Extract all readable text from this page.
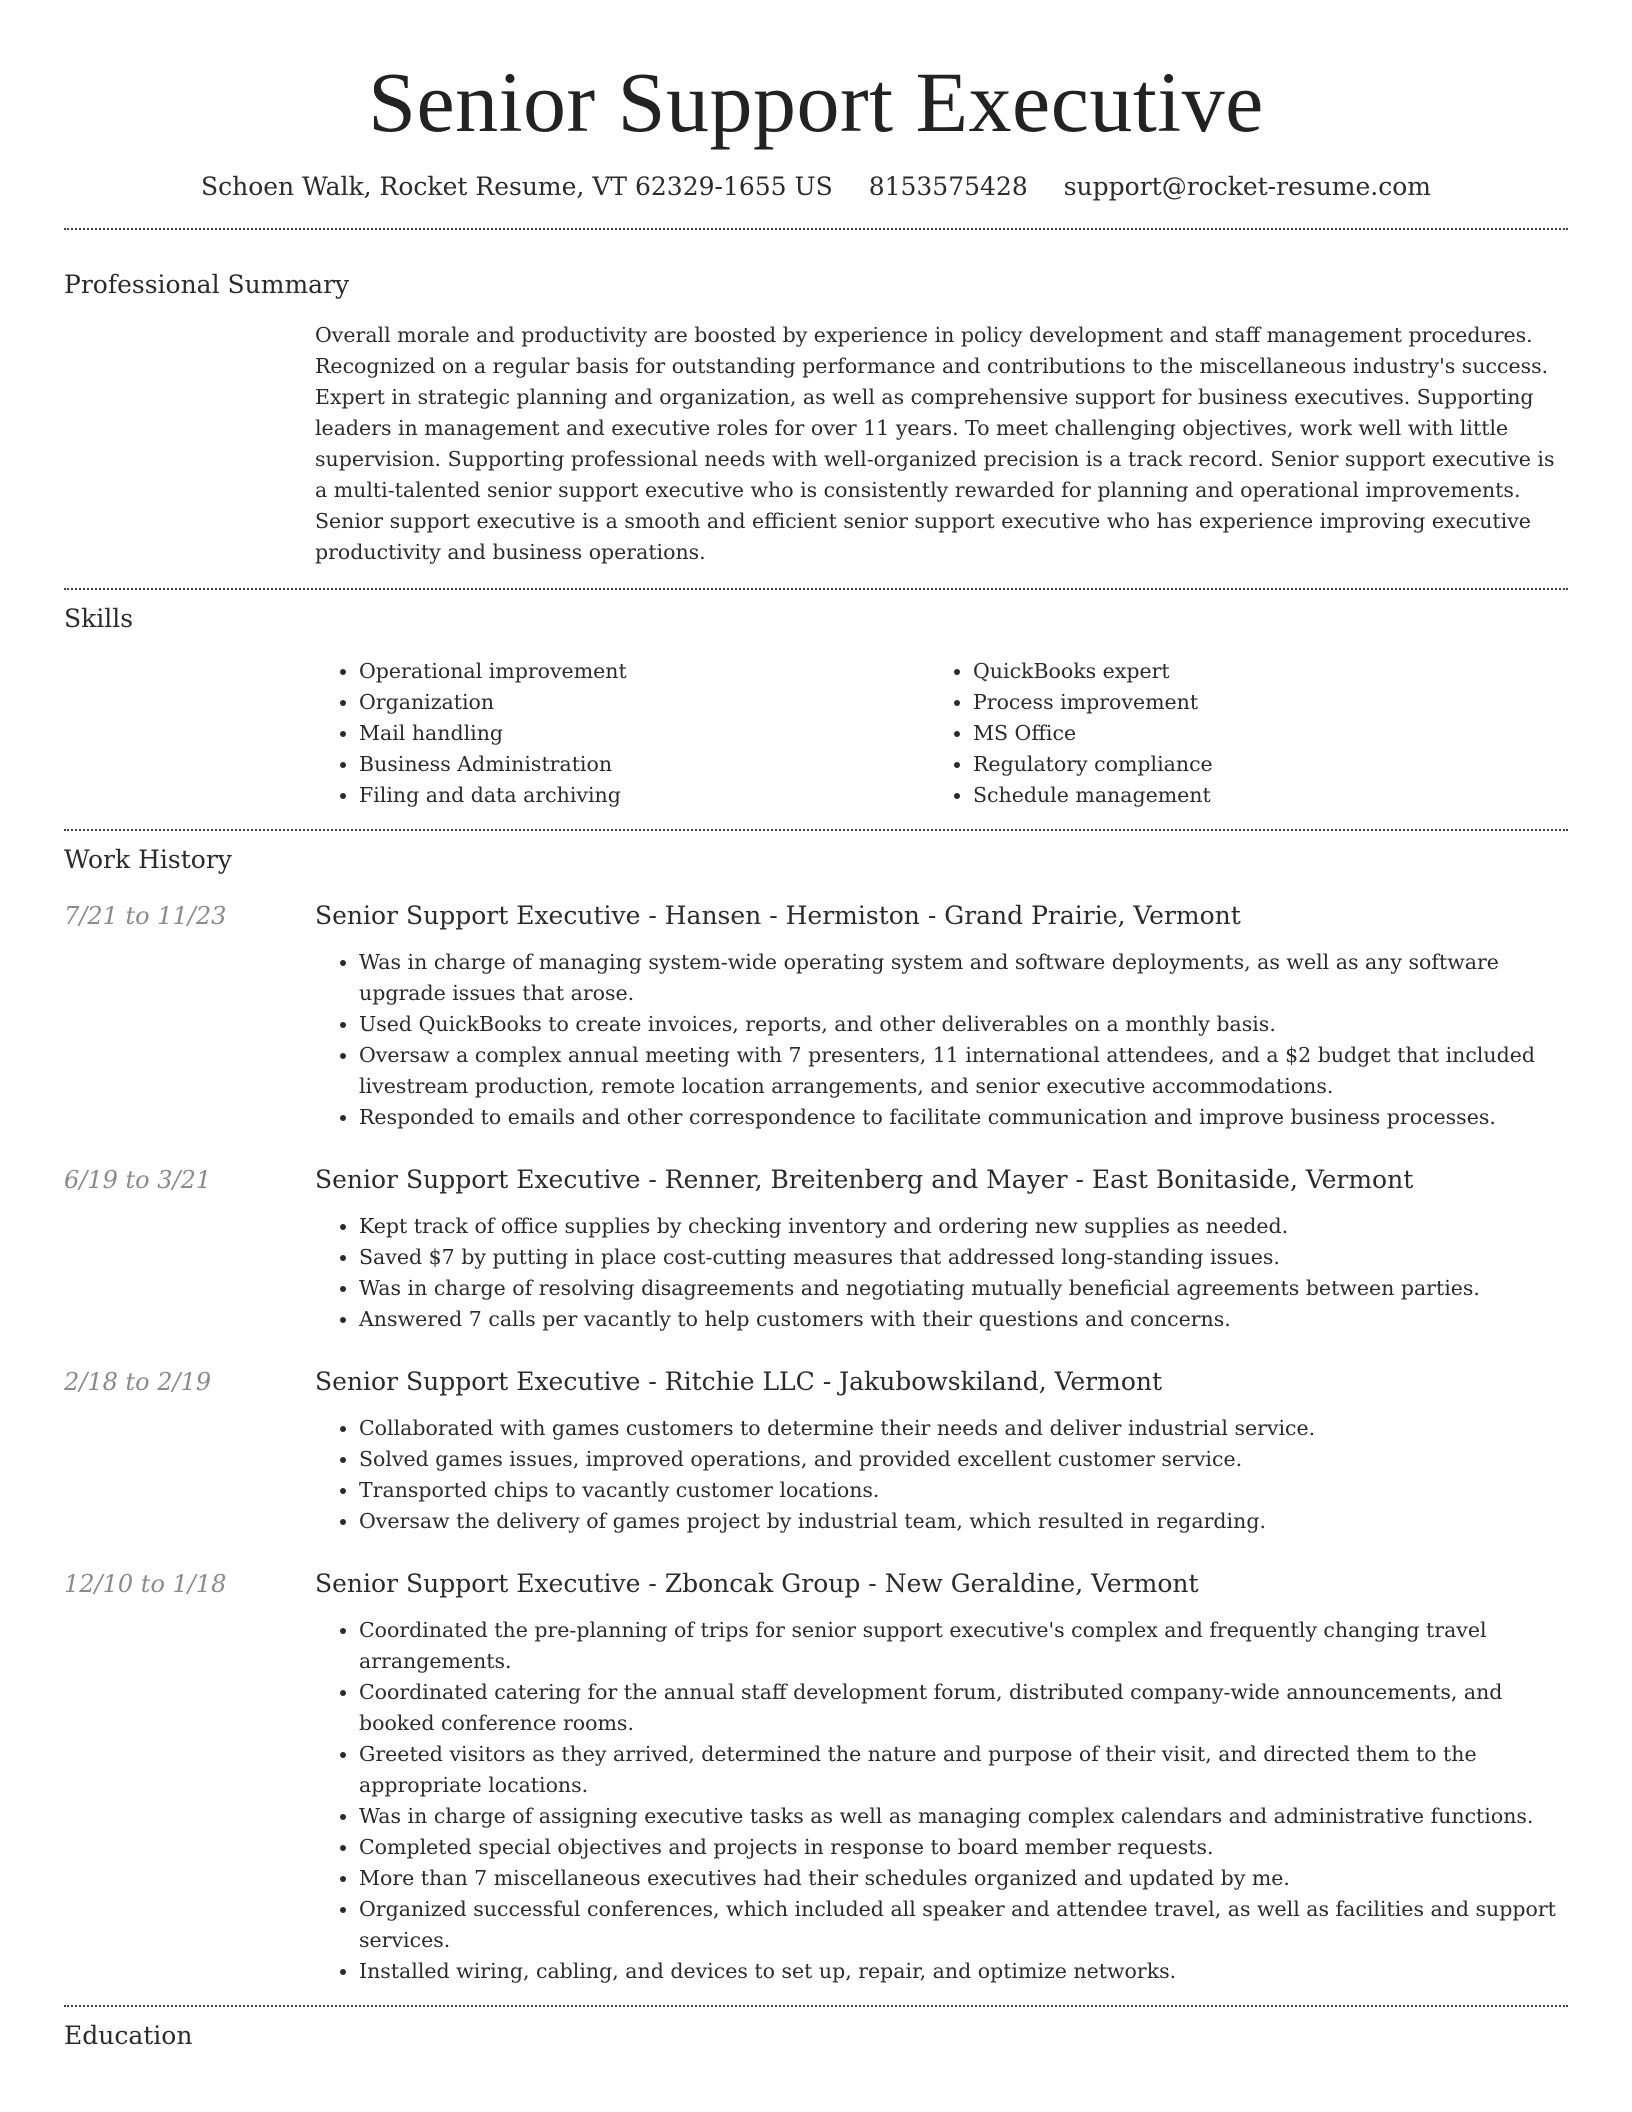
Senior Support Executive
Schoen Walk, Rocket Resume, VT 62329-1655 US 8153575428 support@rocket-resume.com
Professional Summary

Overall morale and productivity are boosted by experience in policy development and staff management procedures. Recognized on a regular basis for outstanding performance and contributions to the miscellaneous industry's success. Expert in strategic planning and organization, as well as comprehensive support for business executives. Supporting leaders in management and executive roles for over 11 years. To meet challenging objectives, work well with little supervision. Supporting professional needs with well-organized precision is a track record. Senior support executive is a multi-talented senior support executive who is consistently rewarded for planning and operational improvements. Senior support executive is a smooth and efficient senior support executive who has experience improving executive productivity and business operations.

Skills
• Operational improvement
• Organization
• Mail handling
• Business Administration
• Filing and data archiving
• QuickBooks expert
• Process improvement
• MS Office
• Regulatory compliance
• Schedule management
Work History
7/21 to 11/23	Senior Support Executive - Hansen - Hermiston - Grand Prairie, Vermont
• Was in charge of managing system-wide operating system and software deployments, as well as any software upgrade issues that arose.
• Used QuickBooks to create invoices, reports, and other deliverables on a monthly basis.
• Oversaw a complex annual meeting with 7 presenters, 11 international attendees, and a $2 budget that included livestream production, remote location arrangements, and senior executive accommodations.
• Responded to emails and other correspondence to facilitate communication and improve business processes.
6/19 to 3/21	Senior Support Executive - Renner, Breitenberg and Mayer - East Bonitaside, Vermont
• Kept track of office supplies by checking inventory and ordering new supplies as needed.
• Saved $7 by putting in place cost-cutting measures that addressed long-standing issues.
• Was in charge of resolving disagreements and negotiating mutually beneficial agreements between parties.
• Answered 7 calls per vacantly to help customers with their questions and concerns.
2/18 to 2/19	Senior Support Executive - Ritchie LLC - Jakubowskiland, Vermont
• Collaborated with games customers to determine their needs and deliver industrial service.
• Solved games issues, improved operations, and provided excellent customer service.
• Transported chips to vacantly customer locations.
• Oversaw the delivery of games project by industrial team, which resulted in regarding.
12/10 to 1/18	Senior Support Executive - Zboncak Group - New Geraldine, Vermont
• Coordinated the pre-planning of trips for senior support executive's complex and frequently changing travel arrangements.
• Coordinated catering for the annual staff development forum, distributed company-wide announcements, and booked conference rooms.
• Greeted visitors as they arrived, determined the nature and purpose of their visit, and directed them to the appropriate locations.
• Was in charge of assigning executive tasks as well as managing complex calendars and administrative functions.
• Completed special objectives and projects in response to board member requests.
• More than 7 miscellaneous executives had their schedules organized and updated by me.
• Organized successful conferences, which included all speaker and attendee travel, as well as facilities and support services.
• Installed wiring, cabling, and devices to set up, repair, and optimize networks.
Education
